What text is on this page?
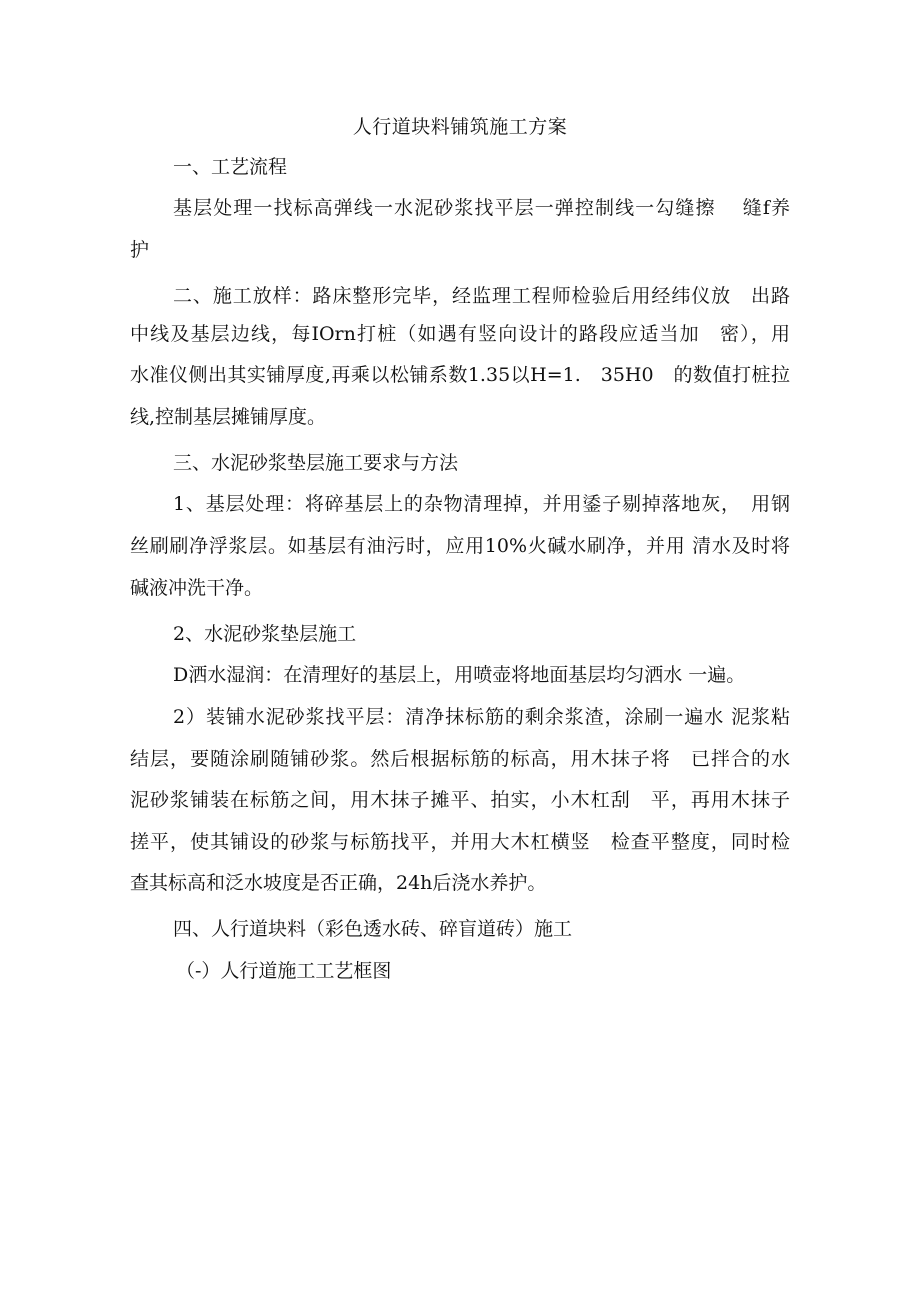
人行道块料铺筑施工方案
一、工艺流程
基层处理一找标高弹线一水泥砂浆找平层一弹控制线一勾缝擦　 缝f养
护
二、施工放样：路床整形完毕，经监理工程师检验后用经纬仪放　出路
中线及基层边线，每IOrn打桩（如遇有竖向设计的路段应适当加　密），用
水准仪侧出其实铺厚度,再乘以松铺系数1.35以H=1.　35H0　的数值打桩拉
线,控制基层摊铺厚度。
三、水泥砂浆垫层施工要求与方法
1、基层处理：将碎基层上的杂物清理掉，并用鋈子剔掉落地灰，　用钢
丝刷刷净浮浆层。如基层有油污时，应用10%火碱水刷净，并用 清水及时将
碱液冲洗干净。
2、水泥砂浆垫层施工
D洒水湿润：在清理好的基层上，用喷壶将地面基层均匀洒水 一遍。
2）装铺水泥砂浆找平层：清净抹标筋的剩余浆渣，涂刷一遍水 泥浆粘
结层，要随涂刷随铺砂浆。然后根据标筋的标高，用木抹子将　已拌合的水
泥砂浆铺装在标筋之间，用木抹子摊平、拍实，小木杠刮　平，再用木抹子
搓平，使其铺设的砂浆与标筋找平，并用大木杠横竖　检查平整度，同时检
查其标高和泛水坡度是否正确，24h后浇水养护。
四、人行道块料（彩色透水砖、碎盲道砖）施工
（-）人行道施工工艺框图
